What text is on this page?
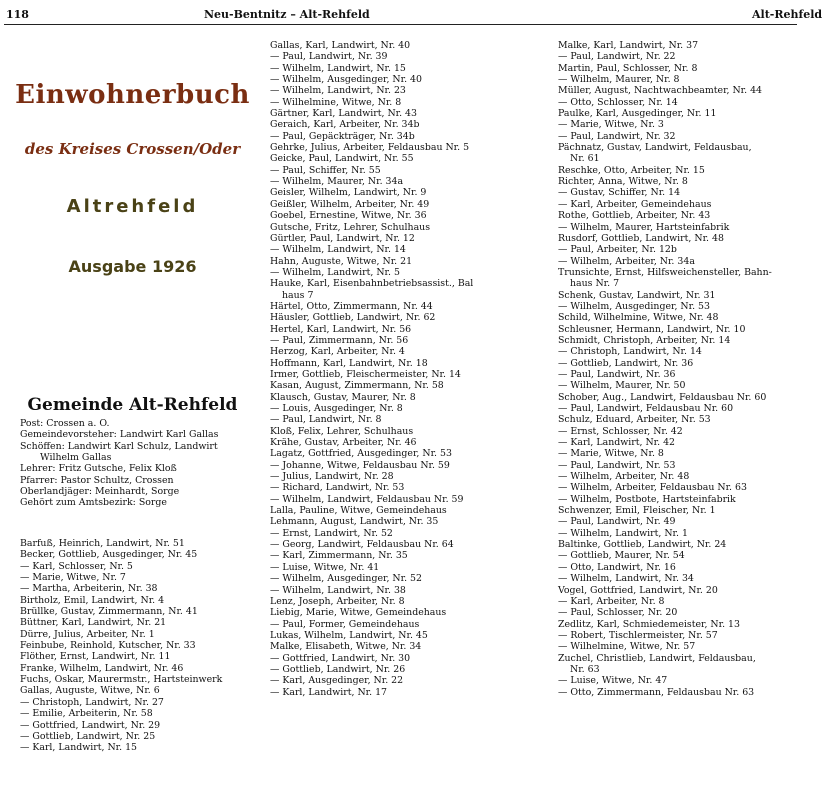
118	Neu-Bentnitz – Alt-Rehfeld	Alt-Rehfeld
Einwohnerbuch
des Kreises Crossen/Oder
Altrehfeld
Ausgabe 1926
Gemeinde Alt-Rehfeld
Post: Crossen a. O.
Gemeindevorsteher: Landwirt Karl Gallas
Schöffen: Landwirt Karl Schulz, Landwirt
Wilhelm Gallas
Lehrer: Fritz Gutsche, Felix Kloß
Pfarrer: Pastor Schultz, Crossen
Oberlandjäger: Meinhardt, Sorge
Gehört zum Amtsbezirk: Sorge
Barfuß, Heinrich, Landwirt, Nr. 51
Becker, Gottlieb, Ausgedinger, Nr. 45
— Karl, Schlosser, Nr. 5
— Marie, Witwe, Nr. 7
— Martha, Arbeiterin, Nr. 38
Birtholz, Emil, Landwirt, Nr. 4
Brüllke, Gustav, Zimmermann, Nr. 41
Büttner, Karl, Landwirt, Nr. 21
Dürre, Julius, Arbeiter, Nr. 1
Feinbube, Reinhold, Kutscher, Nr. 33
Flöther, Ernst, Landwirt, Nr. 11
Franke, Wilhelm, Landwirt, Nr. 46
Fuchs, Oskar, Maurermstr., Hartsteinwerk
Gallas, Auguste, Witwe, Nr. 6
— Christoph, Landwirt, Nr. 27
— Emilie, Arbeiterin, Nr. 58
— Gottfried, Landwirt, Nr. 29
— Gottlieb, Landwirt, Nr. 25
— Karl, Landwirt, Nr. 15
Gallas, Karl, Landwirt, Nr. 40
— Paul, Landwirt, Nr. 39
— Wilhelm, Landwirt, Nr. 15
— Wilhelm, Ausgedinger, Nr. 40
— Wilhelm, Landwirt, Nr. 23
— Wilhelmine, Witwe, Nr. 8
Gärtner, Karl, Landwirt, Nr. 43
Geraich, Karl, Arbeiter, Nr. 34b
— Paul, Gepäckträger, Nr. 34b
Gehrke, Julius, Arbeiter, Feldausbau Nr. 5
Geicke, Paul, Landwirt, Nr. 55
— Paul, Schiffer, Nr. 55
— Wilhelm, Maurer, Nr. 34a
Geisler, Wilhelm, Landwirt, Nr. 9
Geißler, Wilhelm, Arbeiter, Nr. 49
Goebel, Ernestine, Witwe, Nr. 36
Gutsche, Fritz, Lehrer, Schulhaus
Gürtler, Paul, Landwirt, Nr. 12
— Wilhelm, Landwirt, Nr. 14
Hahn, Auguste, Witwe, Nr. 21
— Wilhelm, Landwirt, Nr. 5
Hauke, Karl, Eisenbahnbetriebsassist., Bal
haus 7
Härtel, Otto, Zimmermann, Nr. 44
Häusler, Gottlieb, Landwirt, Nr. 62
Hertel, Karl, Landwirt, Nr. 56
— Paul, Zimmermann, Nr. 56
Herzog, Karl, Arbeiter, Nr. 4
Hoffmann, Karl, Landwirt, Nr. 18
Irmer, Gottlieb, Fleischermeister, Nr. 14
Kasan, August, Zimmermann, Nr. 58
Klausch, Gustav, Maurer, Nr. 8
— Louis, Ausgedinger, Nr. 8
— Paul, Landwirt, Nr. 8
Kloß, Felix, Lehrer, Schulhaus
Krähe, Gustav, Arbeiter, Nr. 46
Lagatz, Gottfried, Ausgedinger, Nr. 53
— Johanne, Witwe, Feldausbau Nr. 59
— Julius, Landwirt, Nr. 28
— Richard, Landwirt, Nr. 53
— Wilhelm, Landwirt, Feldausbau Nr. 59
Lalla, Pauline, Witwe, Gemeindehaus
Lehmann, August, Landwirt, Nr. 35
— Ernst, Landwirt, Nr. 52
— Georg, Landwirt, Feldausbau Nr. 64
— Karl, Zimmermann, Nr. 35
— Luise, Witwe, Nr. 41
— Wilhelm, Ausgedinger, Nr. 52
— Wilhelm, Landwirt, Nr. 38
Lenz, Joseph, Arbeiter, Nr. 8
Liebig, Marie, Witwe, Gemeindehaus
— Paul, Former, Gemeindehaus
Lukas, Wilhelm, Landwirt, Nr. 45
Malke, Elisabeth, Witwe, Nr. 34
— Gottfried, Landwirt, Nr. 30
— Gottlieb, Landwirt, Nr. 26
— Karl, Ausgedinger, Nr. 22
— Karl, Landwirt, Nr. 17
Malke, Karl, Landwirt, Nr. 37
— Paul, Landwirt, Nr. 22
Martin, Paul, Schlosser, Nr. 8
— Wilhelm, Maurer, Nr. 8
Müller, August, Nachtwachbeamter, Nr. 44
— Otto, Schlosser, Nr. 14
Paulke, Karl, Ausgedinger, Nr. 11
— Marie, Witwe, Nr. 3
— Paul, Landwirt, Nr. 32
Pächnatz, Gustav, Landwirt, Feldausbau,
Nr. 61
Reschke, Otto, Arbeiter, Nr. 15
Richter, Anna, Witwe, Nr. 8
— Gustav, Schiffer, Nr. 14
— Karl, Arbeiter, Gemeindehaus
Rothe, Gottlieb, Arbeiter, Nr. 43
— Wilhelm, Maurer, Hartsteinfabrik
Rusdorf, Gottlieb, Landwirt, Nr. 48
— Paul, Arbeiter, Nr. 12b
— Wilhelm, Arbeiter, Nr. 34a
Trunsichte, Ernst, Hilfsweichensteller, Bahn-
haus Nr. 7
Schenk, Gustav, Landwirt, Nr. 31
— Wilhelm, Ausgedinger, Nr. 53
Schild, Wilhelmine, Witwe, Nr. 48
Schleusner, Hermann, Landwirt, Nr. 10
Schmidt, Christoph, Arbeiter, Nr. 14
— Christoph, Landwirt, Nr. 14
— Gottlieb, Landwirt, Nr. 36
— Paul, Landwirt, Nr. 36
— Wilhelm, Maurer, Nr. 50
Schober, Aug., Landwirt, Feldausbau Nr. 60
— Paul, Landwirt, Feldausbau Nr. 60
Schulz, Eduard, Arbeiter, Nr. 53
— Ernst, Schlosser, Nr. 42
— Karl, Landwirt, Nr. 42
— Marie, Witwe, Nr. 8
— Paul, Landwirt, Nr. 53
— Wilhelm, Arbeiter, Nr. 48
— Wilhelm, Arbeiter, Feldausbau Nr. 63
— Wilhelm, Postbote, Hartsteinfabrik
Schwenzer, Emil, Fleischer, Nr. 1
— Paul, Landwirt, Nr. 49
— Wilhelm, Landwirt, Nr. 1
Baltinke, Gottlieb, Landwirt, Nr. 24
— Gottlieb, Maurer, Nr. 54
— Otto, Landwirt, Nr. 16
— Wilhelm, Landwirt, Nr. 34
Vogel, Gottfried, Landwirt, Nr. 20
— Karl, Arbeiter, Nr. 8
— Paul, Schlosser, Nr. 20
Zedlitz, Karl, Schmiedemeister, Nr. 13
— Robert, Tischlermeister, Nr. 57
— Wilhelmine, Witwe, Nr. 57
Zuchel, Christlieb, Landwirt, Feldausbau,
Nr. 63
— Luise, Witwe, Nr. 47
— Otto, Zimmermann, Feldausbau Nr. 63
